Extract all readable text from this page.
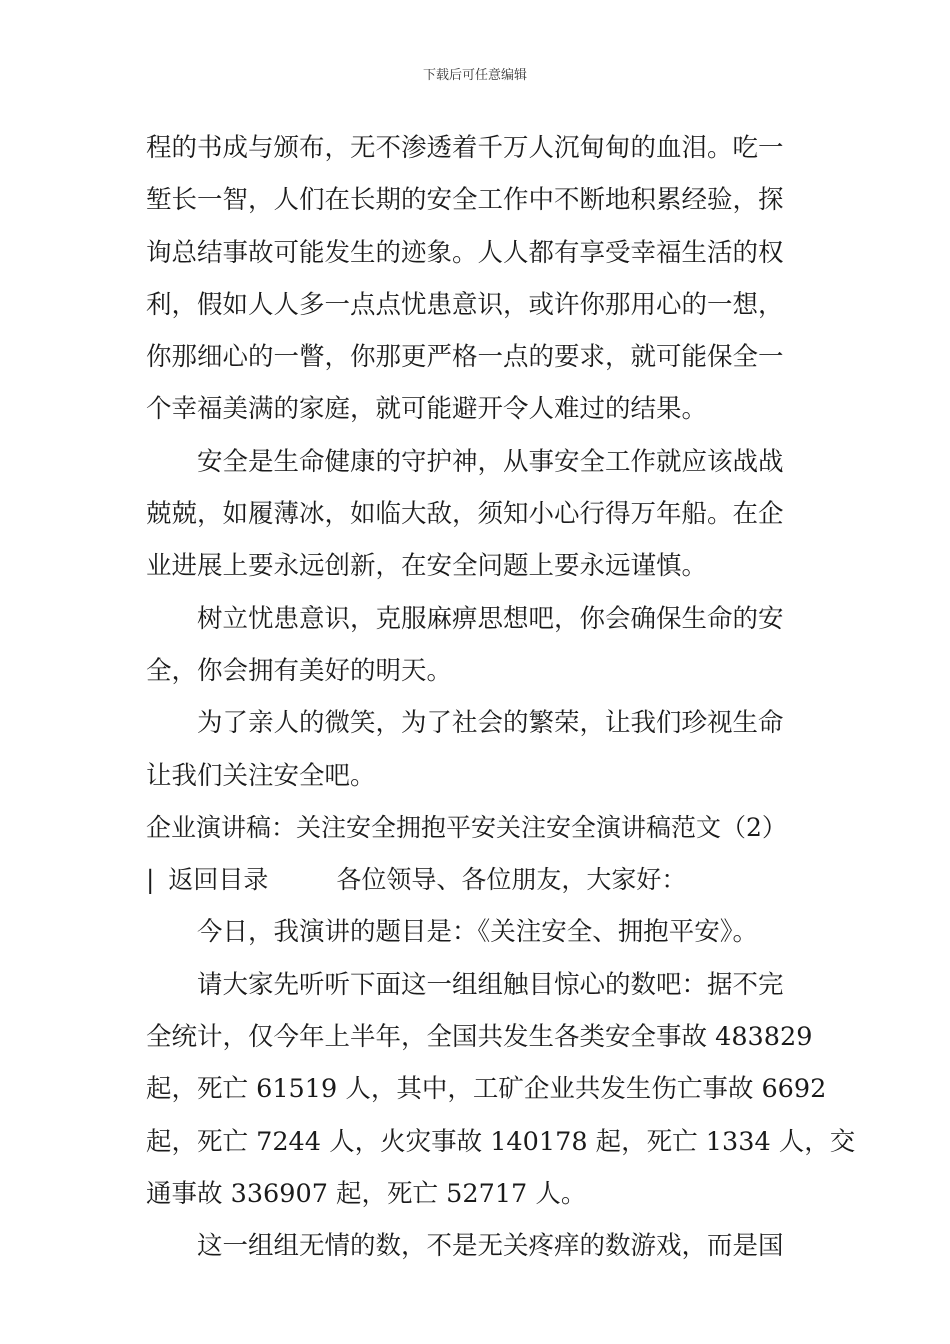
下载后可任意编辑
程的书成与颁布，无不渗透着千万人沉甸甸的血泪。吃一
堑长一智，人们在长期的安全工作中不断地积累经验，探
询总结事故可能发生的迹象。人人都有享受幸福生活的权
利，假如人人多一点点忧患意识，或许你那用心的一想，
你那细心的一瞥，你那更严格一点的要求，就可能保全一
个幸福美满的家庭，就可能避开令人难过的结果。
安全是生命健康的守护神，从事安全工作就应该战战
兢兢，如履薄冰，如临大敌，须知小心行得万年船。在企
业进展上要永远创新，在安全问题上要永远谨慎。
树立忧患意识，克服麻痹思想吧，你会确保生命的安
全，你会拥有美好的明天。
为了亲人的微笑，为了社会的繁荣，让我们珍视生命
让我们关注安全吧。
企业演讲稿：关注安全拥抱平安关注安全演讲稿范文（2）
| 返回目录	各位领导、各位朋友，大家好：
今日，我演讲的题目是：《关注安全、拥抱平安》。
请大家先听听下面这一组组触目惊心的数吧：据不完
全统计，仅今年上半年，全国共发生各类安全事故 483829
起，死亡 61519 人，其中，工矿企业共发生伤亡事故 6692
起，死亡 7244 人，火灾事故 140178 起，死亡 1334 人，交
通事故 336907 起，死亡 52717 人。
这一组组无情的数，不是无关疼痒的数游戏，而是国
